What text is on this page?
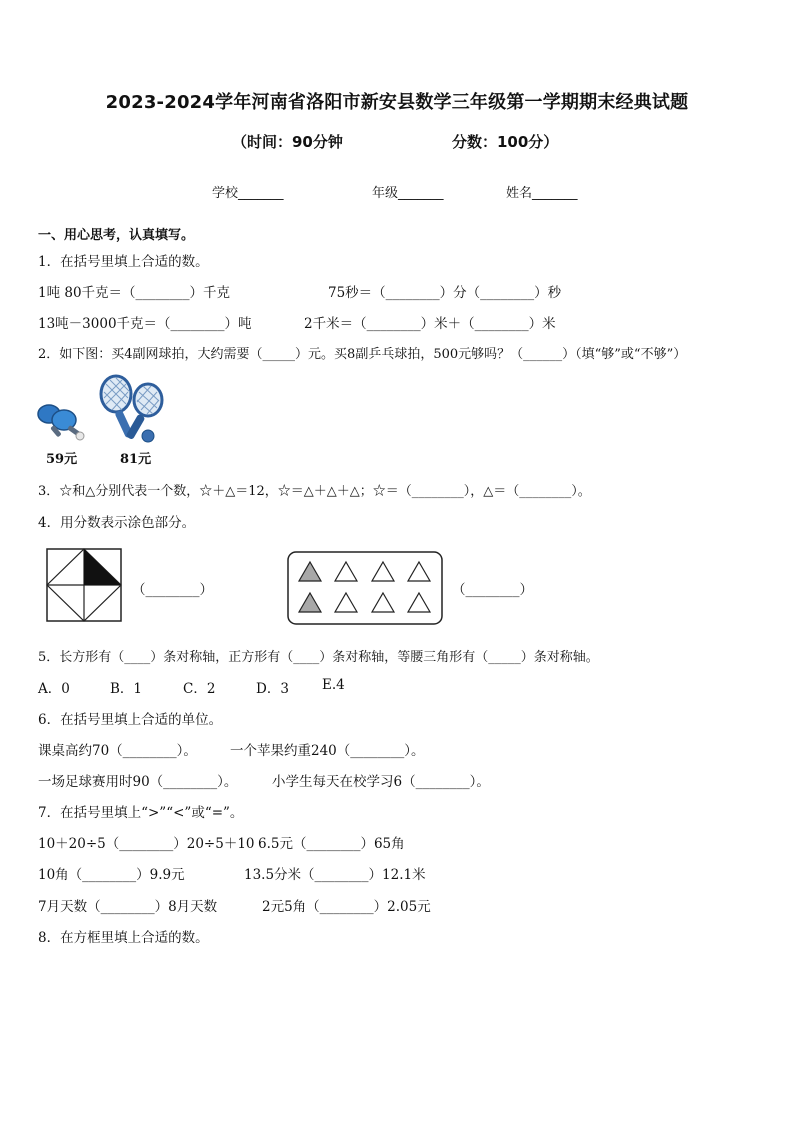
2023-2024学年河南省洛阳市新安县数学三年级第一学期期末经典试题
（时间：90分钟	分数：100分）
学校_______	年级_______	姓名_______
一、用心思考，认真填写。
1．在括号里填上合适的数。
1吨 80千克＝（________）千克	75秒＝（________）分（________）秒
13吨－3000千克＝（________）吨	2千米＝（________）米＋（________）米
2．如下图：买4副网球拍，大约需要（_____）元。买8副乒乓球拍，500元够吗？（______）（填“够”或“不够”）
59元	81元
3．☆和△分别代表一个数，☆＋△＝12，☆＝△＋△＋△；☆＝（________），△＝（________）。
4．用分数表示涂色部分。
（________）	（________）
5．长方形有（____）条对称轴，正方形有（____）条对称轴，等腰三角形有（_____）条对称轴。
A．0	B．1	C．2	D．3 E.4
6．在括号里填上合适的单位。
课桌高约70（________）。 一个苹果约重240（________）。
一场足球赛用时90（________）。	小学生每天在校学习6（________）。
7．在括号里填上“>”“<”或“=”。
10＋20÷5（________）20÷5＋10 6.5元（________）65角
10角（________）9.9元	13.5分米（________）12.1米
7月天数（________）8月天数	2元5角（________）2.05元
8．在方框里填上合适的数。
